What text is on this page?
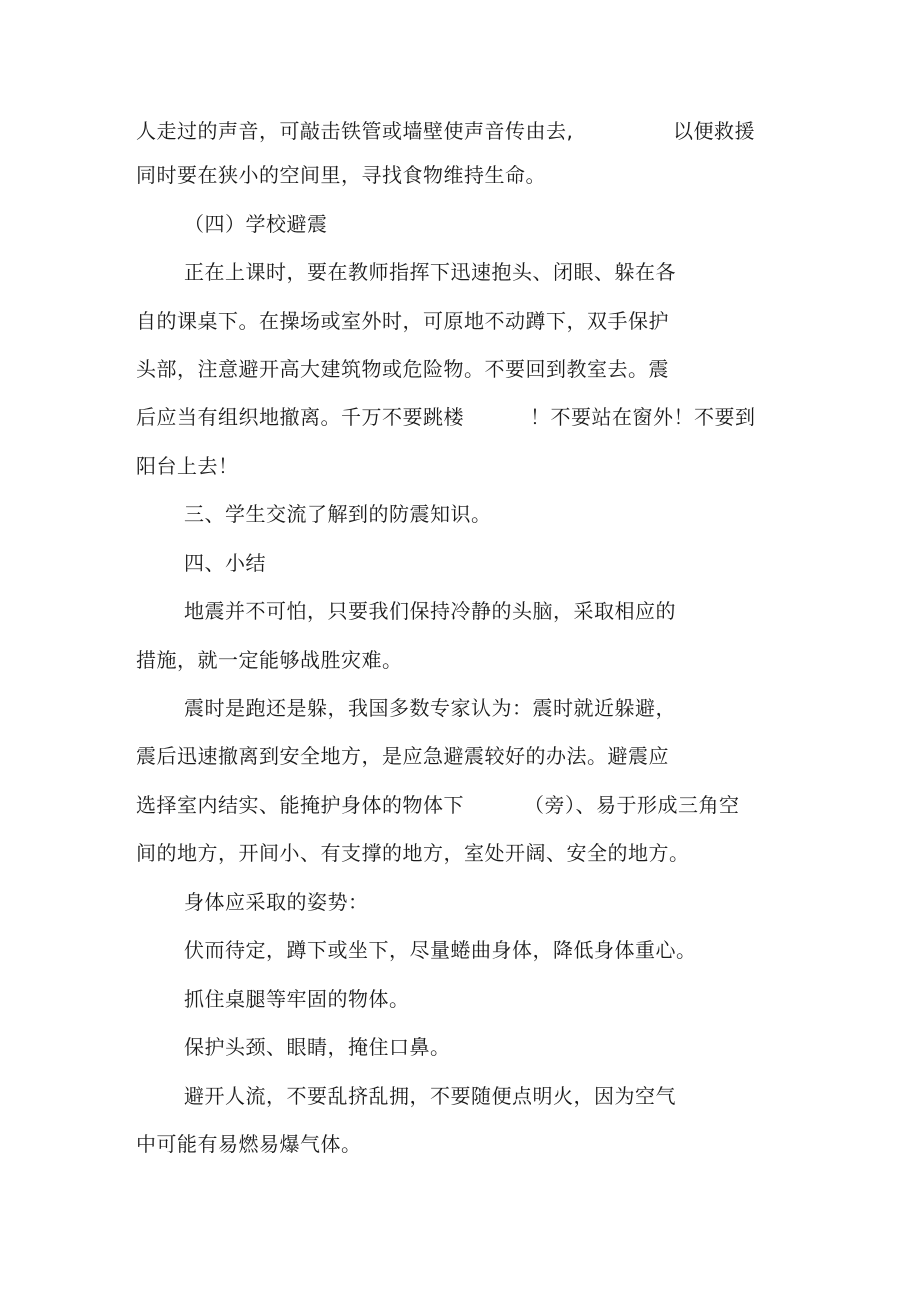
人走过的声音，可敲击铁管或墙壁使声音传由去,	以便救援
同时要在狭小的空间里，寻找食物维持生命。
（四）学校避震
正在上课时，要在教师指挥下迅速抱头、闭眼、躲在各
自的课桌下。在操场或室外时，可原地不动蹲下，双手保护
头部，注意避开高大建筑物或危险物。不要回到教室去。震
后应当有组织地撤离。千万不要跳楼	！不要站在窗外！不要到
阳台上去！
三、学生交流了解到的防震知识。
四、小结
地震并不可怕，只要我们保持冷静的头脑，采取相应的
措施，就一定能够战胜灾难。
震时是跑还是躲，我国多数专家认为：震时就近躲避，
震后迅速撤离到安全地方，是应急避震较好的办法。避震应
选择室内结实、能掩护身体的物体下	（旁）、易于形成三角空
间的地方，开间小、有支撑的地方，室处开阔、安全的地方。
身体应采取的姿势：
伏而待定，蹲下或坐下，尽量蜷曲身体，降低身体重心。
抓住桌腿等牢固的物体。
保护头颈、眼睛，掩住口鼻。
避开人流，不要乱挤乱拥，不要随便点明火，因为空气
中可能有易燃易爆气体。
